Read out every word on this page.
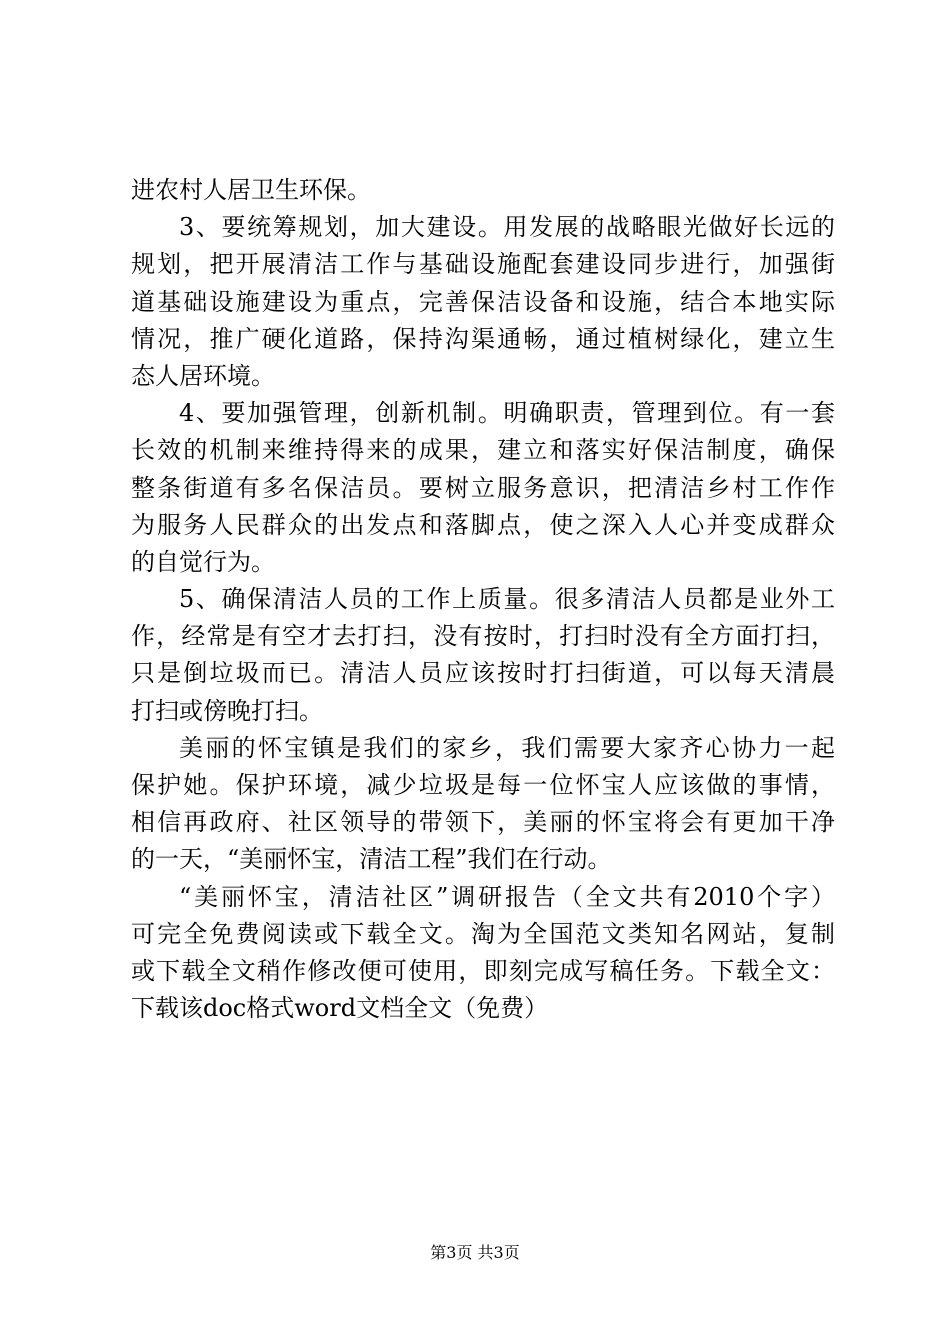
进农村人居卫生环保。
3、要统筹规划，加大建设。用发展的战略眼光做好长远的
规划，把开展清洁工作与基础设施配套建设同步进行，加强街
道基础设施建设为重点，完善保洁设备和设施，结合本地实际
情况，推广硬化道路，保持沟渠通畅，通过植树绿化，建立生
态人居环境。
4、要加强管理，创新机制。明确职责，管理到位。有一套
长效的机制来维持得来的成果，建立和落实好保洁制度，确保
整条街道有多名保洁员。要树立服务意识，把清洁乡村工作作
为服务人民群众的出发点和落脚点，使之深入人心并变成群众
的自觉行为。
5、确保清洁人员的工作上质量。很多清洁人员都是业外工
作，经常是有空才去打扫，没有按时，打扫时没有全方面打扫，
只是倒垃圾而已。清洁人员应该按时打扫街道，可以每天清晨
打扫或傍晚打扫。
美丽的怀宝镇是我们的家乡，我们需要大家齐心协力一起
保护她。保护环境，减少垃圾是每一位怀宝人应该做的事情，
相信再政府、社区领导的带领下，美丽的怀宝将会有更加干净
的一天，“美丽怀宝，清洁工程”我们在行动。
“美丽怀宝，清洁社区”调研报告（全文共有2010个字）
可完全免费阅读或下载全文。淘为全国范文类知名网站，复制
或下载全文稍作修改便可使用，即刻完成写稿任务。下载全文：
下载该doc格式word文档全文（免费）
第3页 共3页
